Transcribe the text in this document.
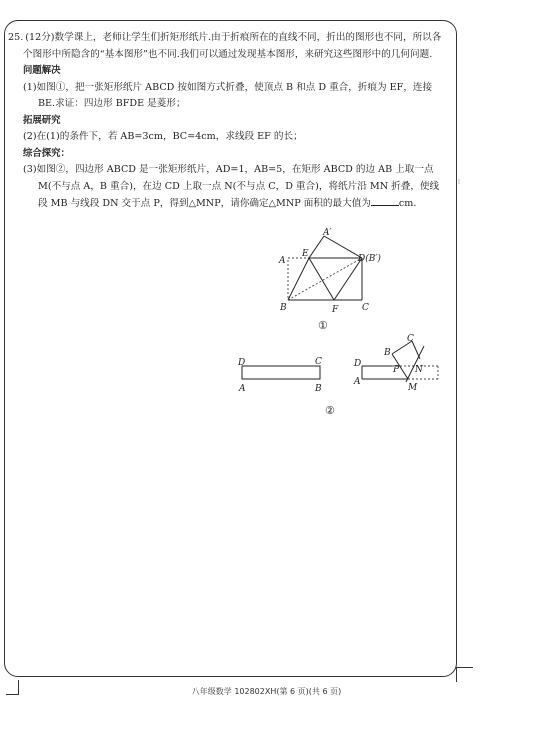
⁞

25. (12分)数学课上，老师让学生们折矩形纸片.由于折痕所在的直线不同，折出的图形也不同，所以各个图形中所隐含的“基本图形”也不同.我们可以通过发现基本图形，来研究这些图形中的几何问题.

问题解决

(1)如图①，把一张矩形纸片 ABCD 按如图方式折叠，使顶点 B 和点 D 重合，折痕为 EF，连接 BE.求证：四边形 BFDE 是菱形；

拓展研究

(2)在(1)的条件下，若 AB=3cm，BC=4cm，求线段 EF 的长；

综合探究：

(3)如图②，四边形 ABCD 是一张矩形纸片，AD=1，AB=5，在矩形 ABCD 的边 AB 上取一点 M(不与点 A，B 重合)，在边 CD 上取一点 N(不与点 C，D 重合)，将纸片沿 MN 折叠，使线段 MB 与线段 DN 交于点 P，得到△MNP，请你确定△MNP 面积的最大值为	cm.

A′
A
E	D(B′)
B	F	C
①
D	C
A	B
B
C
D
A
P N
M
②
八年级数学 102802XH(第 6 页)(共 6 页)
